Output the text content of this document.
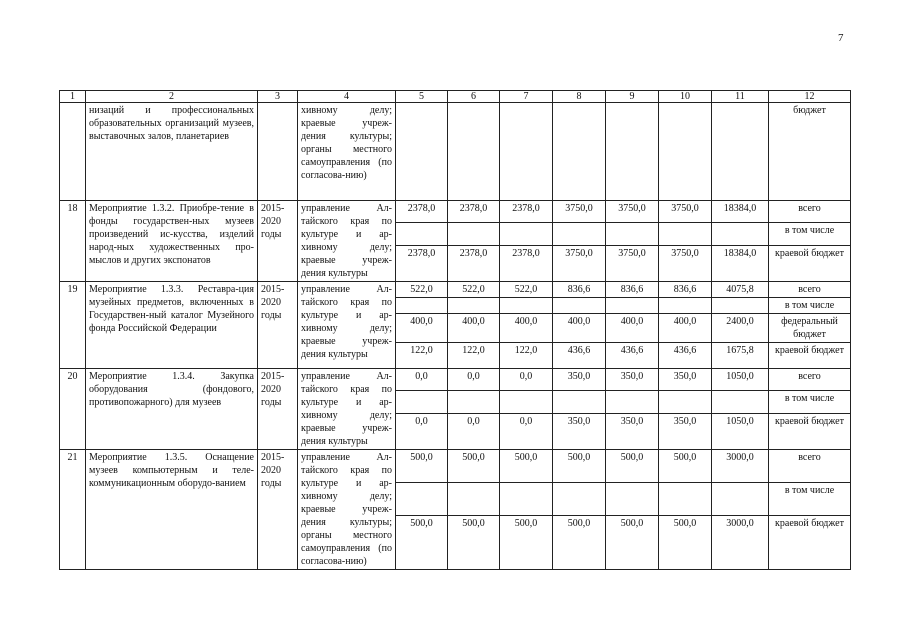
7
1	2	3	4	5	6	7	8	9	10	11	12
	низаций и профессиональных образовательных организаций музеев, выставочных залов, планетариев		хивному делу; краевые учреж-дения культуры; органы местного самоуправления (по согласова-нию)								бюджет
18	Мероприятие 1.3.2. Приобре-тение в фонды государствен-ных музеев произведений ис-кусства, изделий народ-ных художественных про-мыслов и других экспонатов	2015-2020 годы	управление Ал-тайского края по культуре и ар-хивному делу; краевые учреж-дения культуры	2378,0	2378,0	2378,0	3750,0	3750,0	3750,0	18384,0	всего
											в том числе
				2378,0	2378,0	2378,0	3750,0	3750,0	3750,0	18384,0	краевой бюджет
19	Мероприятие 1.3.3. Реставра-ция музейных предметов, включенных в Государствен-ный каталог Музейного фонда Российской Федерации	2015-2020 годы	управление Ал-тайского края по культуре и ар-хивному делу; краевые учреж-дения культуры	522,0	522,0	522,0	836,6	836,6	836,6	4075,8	всего
											в том числе
				400,0	400,0	400,0	400,0	400,0	400,0	2400,0	федеральный бюджет
				122,0	122,0	122,0	436,6	436,6	436,6	1675,8	краевой бюджет
20	Мероприятие 1.3.4. Закупка оборудования (фондового, противопожарного) для музеев	2015-2020 годы	управление Ал-тайского края по культуре и ар-хивному делу; краевые учреж-дения культуры	0,0	0,0	0,0	350,0	350,0	350,0	1050,0	всего
											в том числе
				0,0	0,0	0,0	350,0	350,0	350,0	1050,0	краевой бюджет
21	Мероприятие 1.3.5. Оснащение музеев компьютерным и теле-коммуникационным оборудо-ванием	2015-2020 годы	управление Ал-тайского края по культуре и ар-хивному делу; краевые учреж-дения культуры; органы местного самоуправления (по согласова-нию)	500,0	500,0	500,0	500,0	500,0	500,0	3000,0	всего
											в том числе
				500,0	500,0	500,0	500,0	500,0	500,0	3000,0	краевой бюджет
